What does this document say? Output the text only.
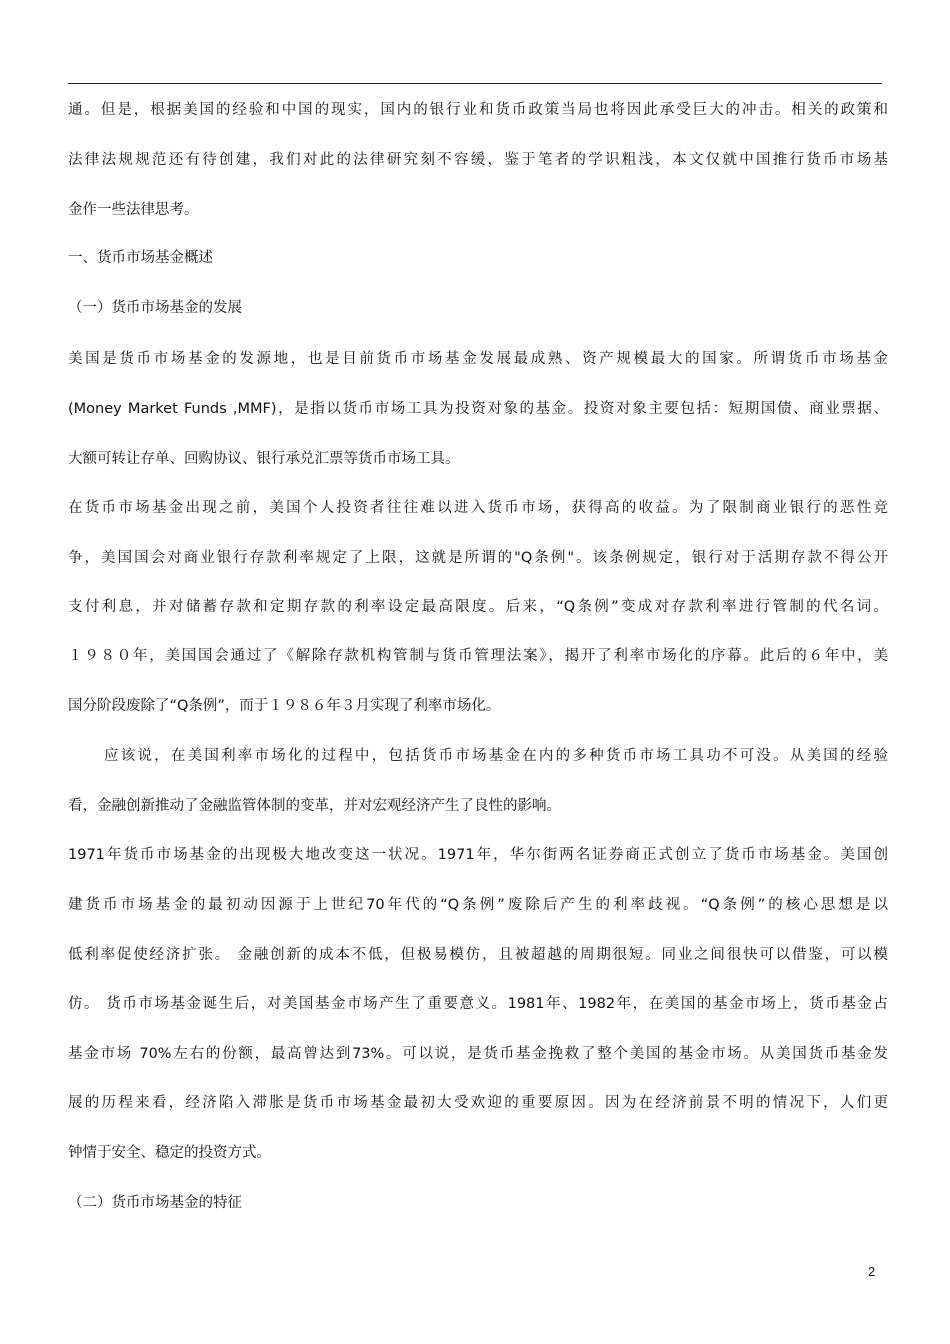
通。但是，根据美国的经验和中国的现实，国内的银行业和货币政策当局也将因此承受巨大的冲击。相关的政策和
法律法规规范还有待创建，我们对此的法律研究刻不容缓，鉴于笔者的学识粗浅，本文仅就中国推行货币市场基
金作一些法律思考。
一、货币市场基金概述
（一）货币市场基金的发展
美国是货币市场基金的发源地，也是目前货币市场基金发展最成熟、资产规模最大的国家。所谓货币市场基金
(Money Market Funds ,MMF)，是指以货币市场工具为投资对象的基金。投资对象主要包括：短期国债、商业票据、
大额可转让存单、回购协议、银行承兑汇票等货币市场工具。
在货币市场基金出现之前，美国个人投资者往往难以进入货币市场，获得高的收益。为了限制商业银行的恶性竞
争，美国国会对商业银行存款利率规定了上限，这就是所谓的"Q条例"。该条例规定，银行对于活期存款不得公开
支付利息，并对储蓄存款和定期存款的利率设定最高限度。后来，“Q条例”变成对存款利率进行管制的代名词。
１９８０年，美国国会通过了《解除存款机构管制与货币管理法案》，揭开了利率市场化的序幕。此后的６年中，美
国分阶段废除了“Q条例”，而于１９８６年３月实现了利率市场化。
应该说，在美国利率市场化的过程中，包括货币市场基金在内的多种货币市场工具功不可没。从美国的经验
看，金融创新推动了金融监管体制的变革，并对宏观经济产生了良性的影响。
1971年货币市场基金的出现极大地改变这一状况。1971年，华尔街两名证券商正式创立了货币市场基金。美国创
建货币市场基金的最初动因源于上世纪70年代的“Q条例”废除后产生的利率歧视。“Q条例”的核心思想是以
低利率促使经济扩张。 金融创新的成本不低，但极易模仿，且被超越的周期很短。同业之间很快可以借鉴，可以模
仿。 货币市场基金诞生后，对美国基金市场产生了重要意义。1981年、1982年，在美国的基金市场上，货币基金占
基金市场 70%左右的份额，最高曾达到73%。可以说，是货币基金挽救了整个美国的基金市场。从美国货币基金发
展的历程来看，经济陷入滞胀是货币市场基金最初大受欢迎的重要原因。因为在经济前景不明的情况下，人们更
钟情于安全、稳定的投资方式。
（二）货币市场基金的特征
2
